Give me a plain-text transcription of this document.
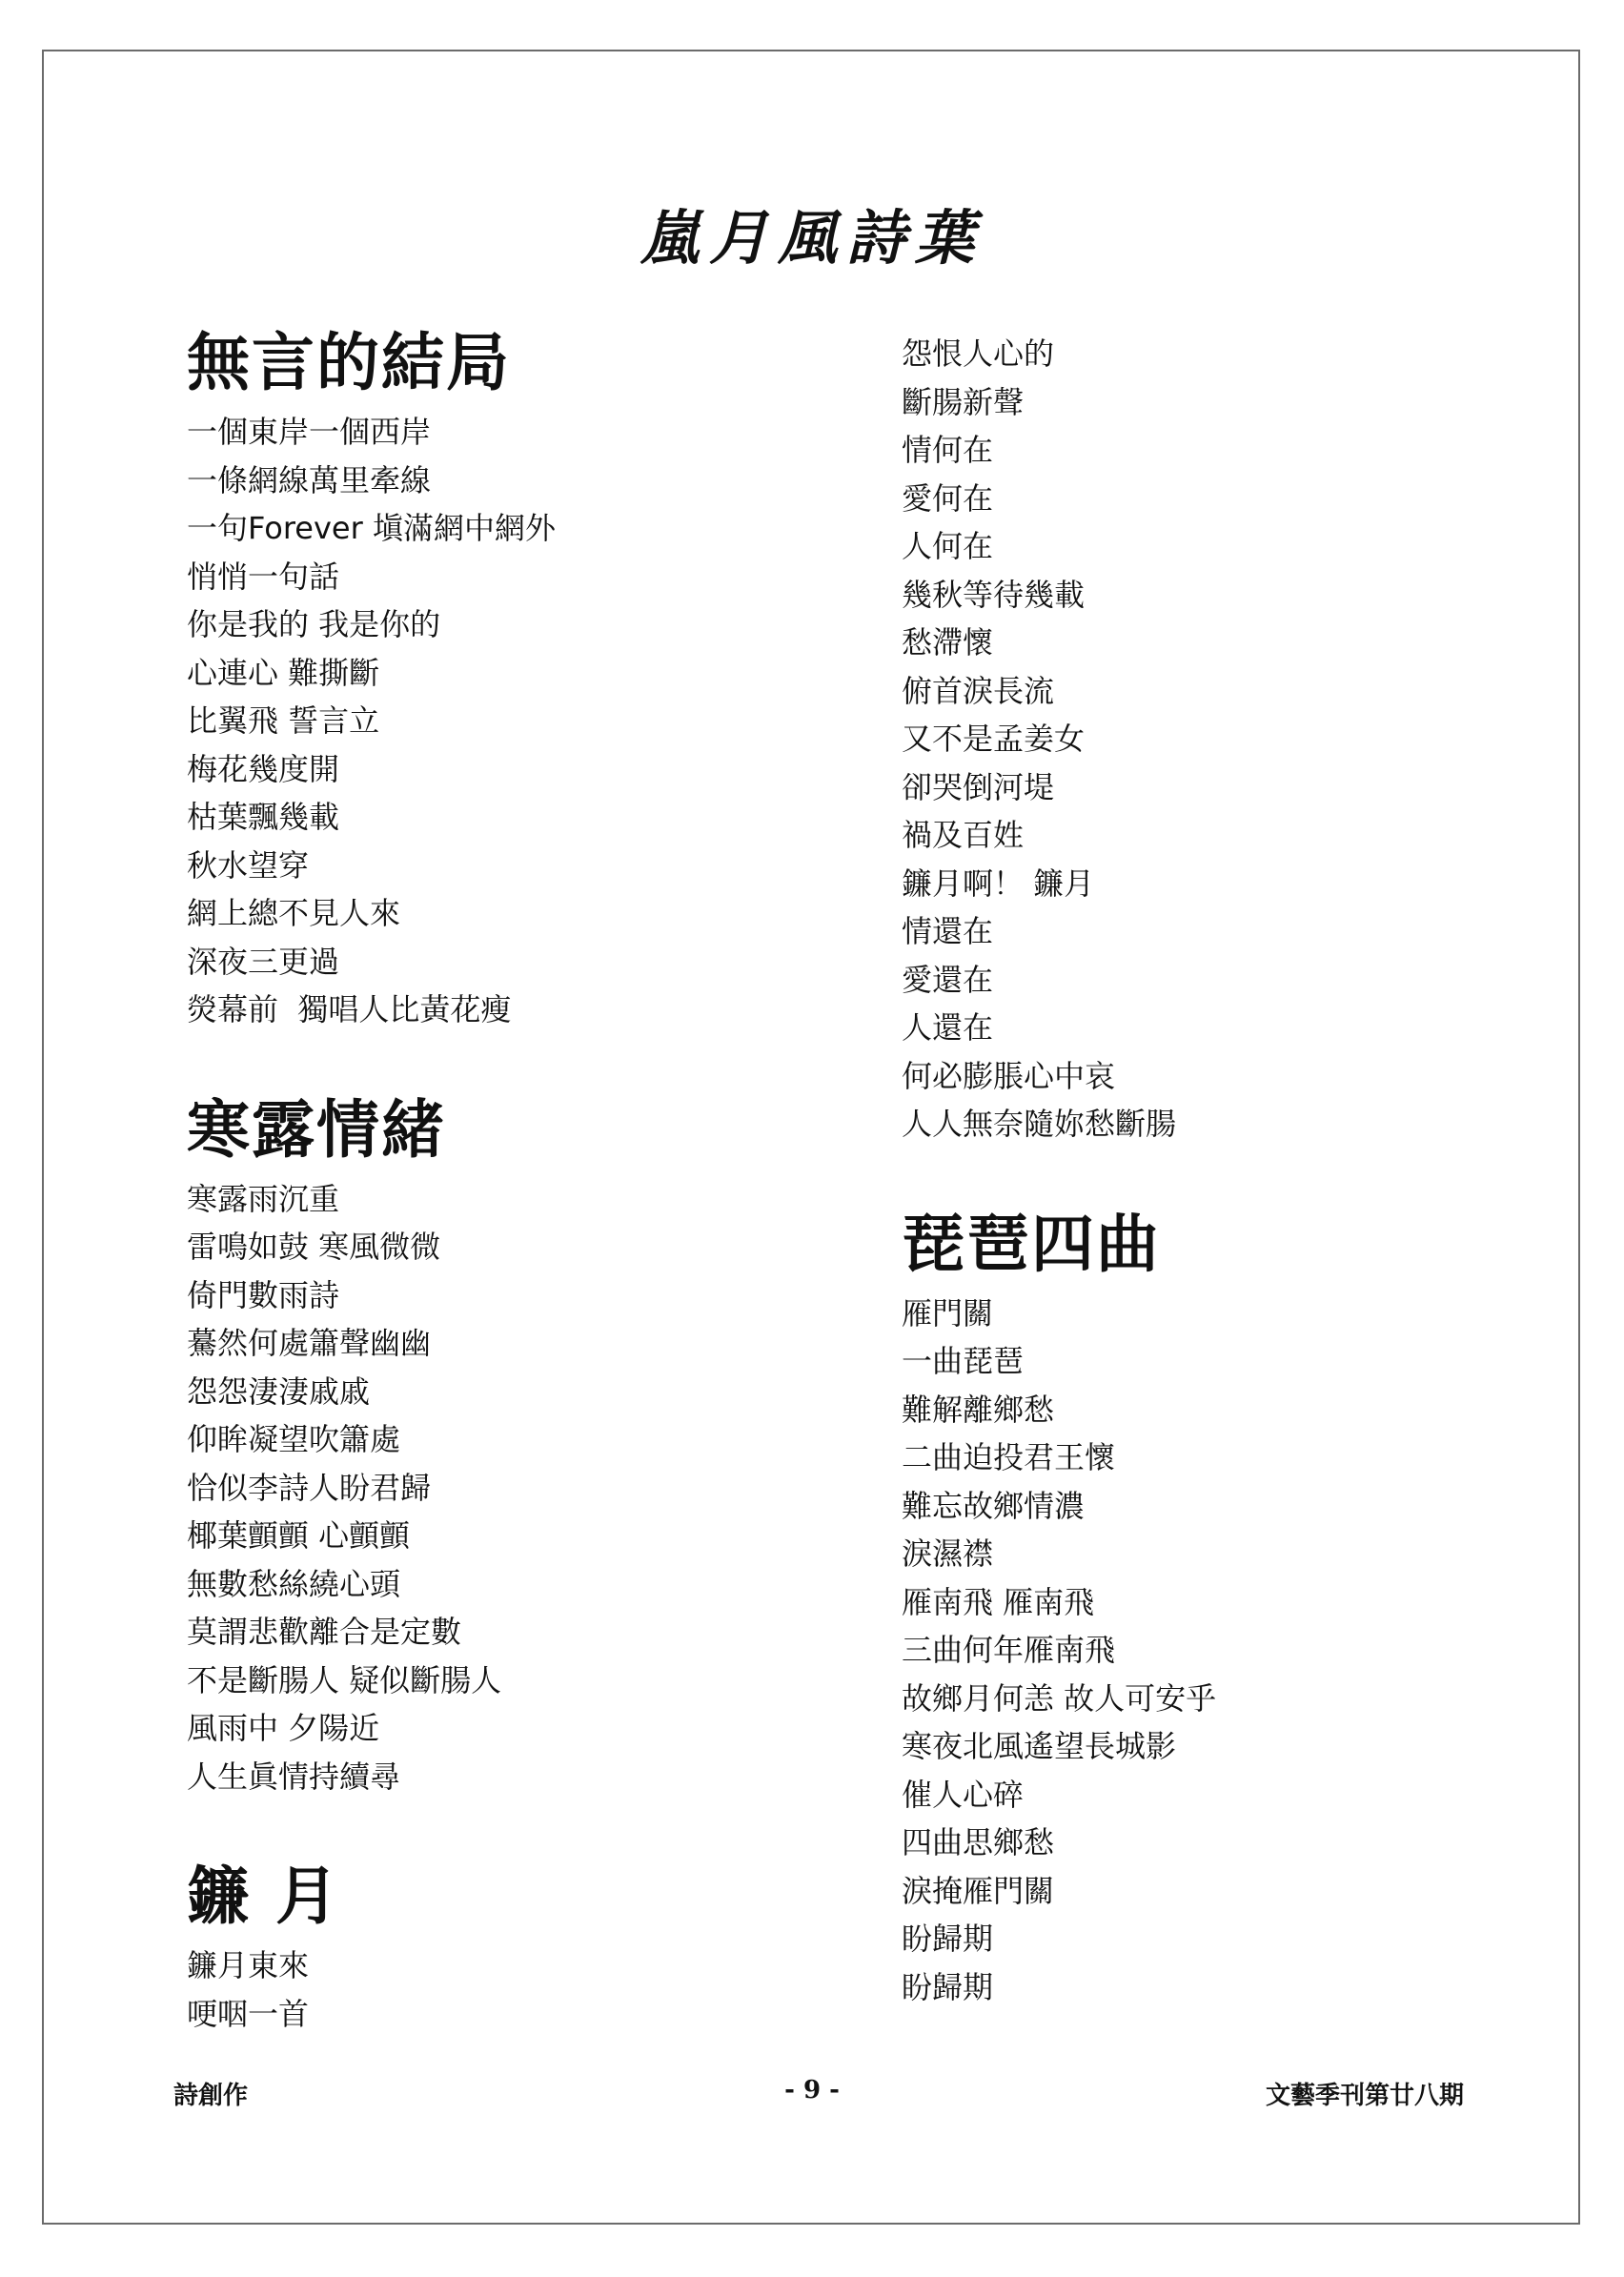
嵐月風詩葉
無言的結局
一個東岸一個西岸
一條網線萬里牽線
一句Forever 塡滿網中網外
悄悄一句話
你是我的 我是你的
心連心 難撕斷
比翼飛 誓言立
梅花幾度開
枯葉飄幾載
秋水望穿
網上總不見人來
深夜三更過
熒幕前  獨唱人比黃花瘦
寒露情緒
寒露雨沉重
雷鳴如鼓 寒風微微
倚門數雨詩
驀然何處簫聲幽幽
怨怨淒淒戚戚
仰眸凝望吹簫處
恰似李詩人盼君歸
椰葉顫顫 心顫顫
無數愁絲繞心頭
莫謂悲歡離合是定數
不是斷腸人 疑似斷腸人
風雨中 夕陽近
人生眞情持續尋
鐮 月
鐮月東來
哽咽一首
怨恨人心的
斷腸新聲
情何在
愛何在
人何在
幾秋等待幾載
愁滯懷
俯首淚長流
又不是孟姜女
卻哭倒河堤
禍及百姓
鐮月啊！ 鐮月
情還在
愛還在
人還在
何必膨脹心中哀
人人無奈隨妳愁斷腸
琵琶四曲
雁門關
一曲琵琶
難解離鄉愁
二曲迫投君王懷
難忘故鄉情濃
淚濕襟
雁南飛 雁南飛
三曲何年雁南飛
故鄉月何恙 故人可安乎
寒夜北風遙望長城影
催人心碎
四曲思鄉愁
淚掩雁門關
盼歸期
盼歸期
詩創作	- 9 -	文藝季刊第廿八期
